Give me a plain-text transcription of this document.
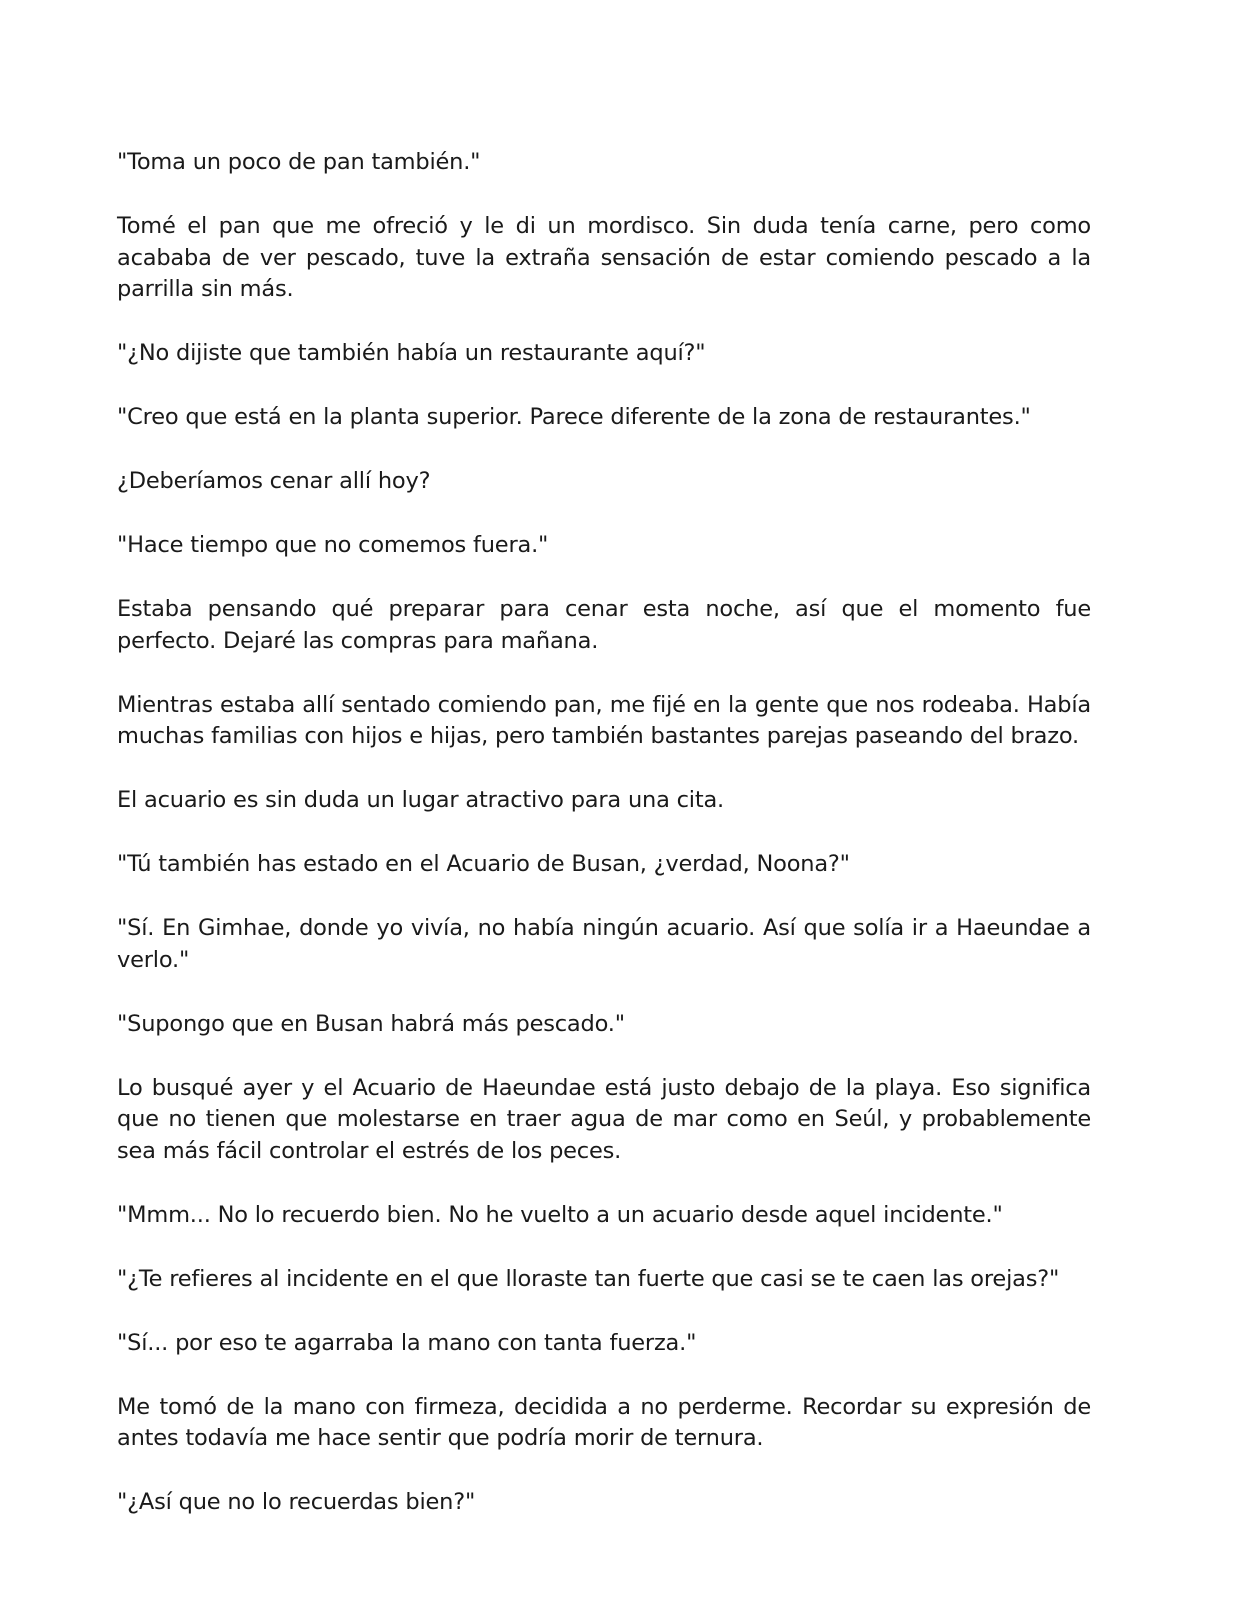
"Toma un poco de pan también."

Tomé el pan que me ofreció y le di un mordisco. Sin duda tenía carne, pero como acababa de ver pescado, tuve la extraña sensación de estar comiendo pescado a la parrilla sin más.

"¿No dijiste que también había un restaurante aquí?"

"Creo que está en la planta superior. Parece diferente de la zona de restaurantes."

¿Deberíamos cenar allí hoy?

"Hace tiempo que no comemos fuera."

Estaba pensando qué preparar para cenar esta noche, así que el momento fue perfecto. Dejaré las compras para mañana.

Mientras estaba allí sentado comiendo pan, me fijé en la gente que nos rodeaba. Había muchas familias con hijos e hijas, pero también bastantes parejas paseando del brazo.

El acuario es sin duda un lugar atractivo para una cita.

"Tú también has estado en el Acuario de Busan, ¿verdad, Noona?"

"Sí. En Gimhae, donde yo vivía, no había ningún acuario. Así que solía ir a Haeundae a verlo."

"Supongo que en Busan habrá más pescado."

Lo busqué ayer y el Acuario de Haeundae está justo debajo de la playa. Eso significa que no tienen que molestarse en traer agua de mar como en Seúl, y probablemente sea más fácil controlar el estrés de los peces.

"Mmm... No lo recuerdo bien. No he vuelto a un acuario desde aquel incidente."

"¿Te refieres al incidente en el que lloraste tan fuerte que casi se te caen las orejas?"

"Sí... por eso te agarraba la mano con tanta fuerza."

Me tomó de la mano con firmeza, decidida a no perderme. Recordar su expresión de antes todavía me hace sentir que podría morir de ternura.

"¿Así que no lo recuerdas bien?"
